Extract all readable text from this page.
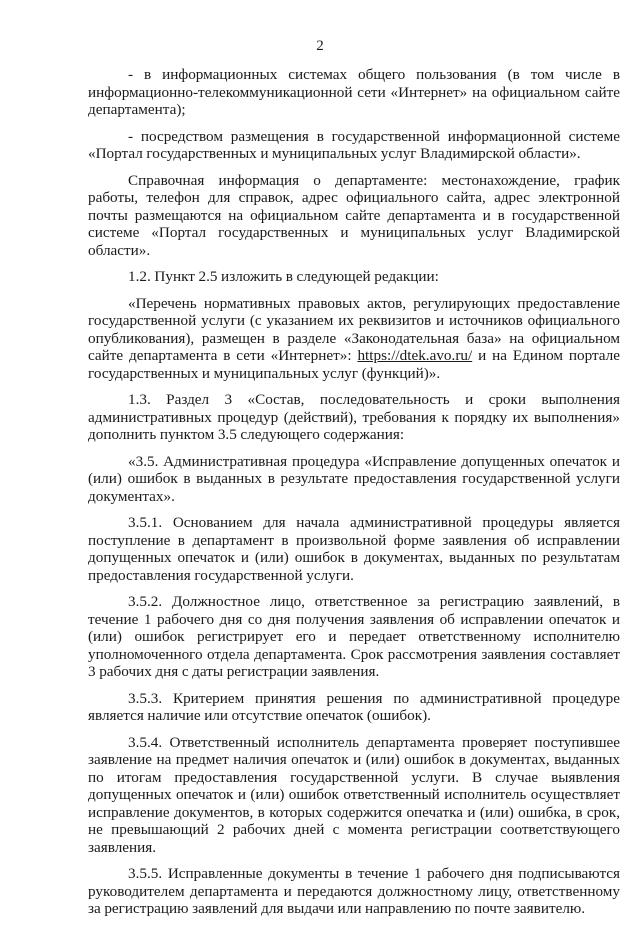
2

- в информационных системах общего пользования (в том числе в информационно-телекоммуникационной сети «Интернет» на официальном сайте департамента);

- посредством размещения в государственной информационной системе «Портал государственных и муниципальных услуг Владимирской области».

Справочная информация о департаменте: местонахождение, график работы, телефон для справок, адрес официального сайта, адрес электронной почты размещаются на официальном сайте департамента и в государственной системе «Портал государственных и муниципальных услуг Владимирской области».

1.2. Пункт 2.5 изложить в следующей редакции:

«Перечень нормативных правовых актов, регулирующих предоставление государственной услуги (с указанием их реквизитов и источников официального опубликования), размещен в разделе «Законодательная база» на официальном сайте департамента в сети «Интернет»: https://dtek.avo.ru/ и на Едином портале государственных и муниципальных услуг (функций)».

1.3. Раздел 3 «Состав, последовательность и сроки выполнения административных процедур (действий), требования к порядку их выполнения» дополнить пунктом 3.5 следующего содержания:

«3.5. Административная процедура «Исправление допущенных опечаток и (или) ошибок в выданных в результате предоставления государственной услуги документах».

3.5.1. Основанием для начала административной процедуры является поступление в департамент в произвольной форме заявления об исправлении допущенных опечаток и (или) ошибок в документах, выданных по результатам предоставления государственной услуги.

3.5.2. Должностное лицо, ответственное за регистрацию заявлений, в течение 1 рабочего дня со дня получения заявления об исправлении опечаток и (или) ошибок регистрирует его и передает ответственному исполнителю уполномоченного отдела департамента. Срок рассмотрения заявления составляет 3 рабочих дня с даты регистрации заявления.

3.5.3. Критерием принятия решения по административной процедуре является наличие или отсутствие опечаток (ошибок).

3.5.4. Ответственный исполнитель департамента проверяет поступившее заявление на предмет наличия опечаток и (или) ошибок в документах, выданных по итогам предоставления государственной услуги. В случае выявления допущенных опечаток и (или) ошибок ответственный исполнитель осуществляет исправление документов, в которых содержится опечатка и (или) ошибка, в срок, не превышающий 2 рабочих дней с момента регистрации соответствующего заявления.

3.5.5. Исправленные документы в течение 1 рабочего дня подписываются руководителем департамента и передаются должностному лицу, ответственному за регистрацию заявлений для выдачи или направлению по почте заявителю.
